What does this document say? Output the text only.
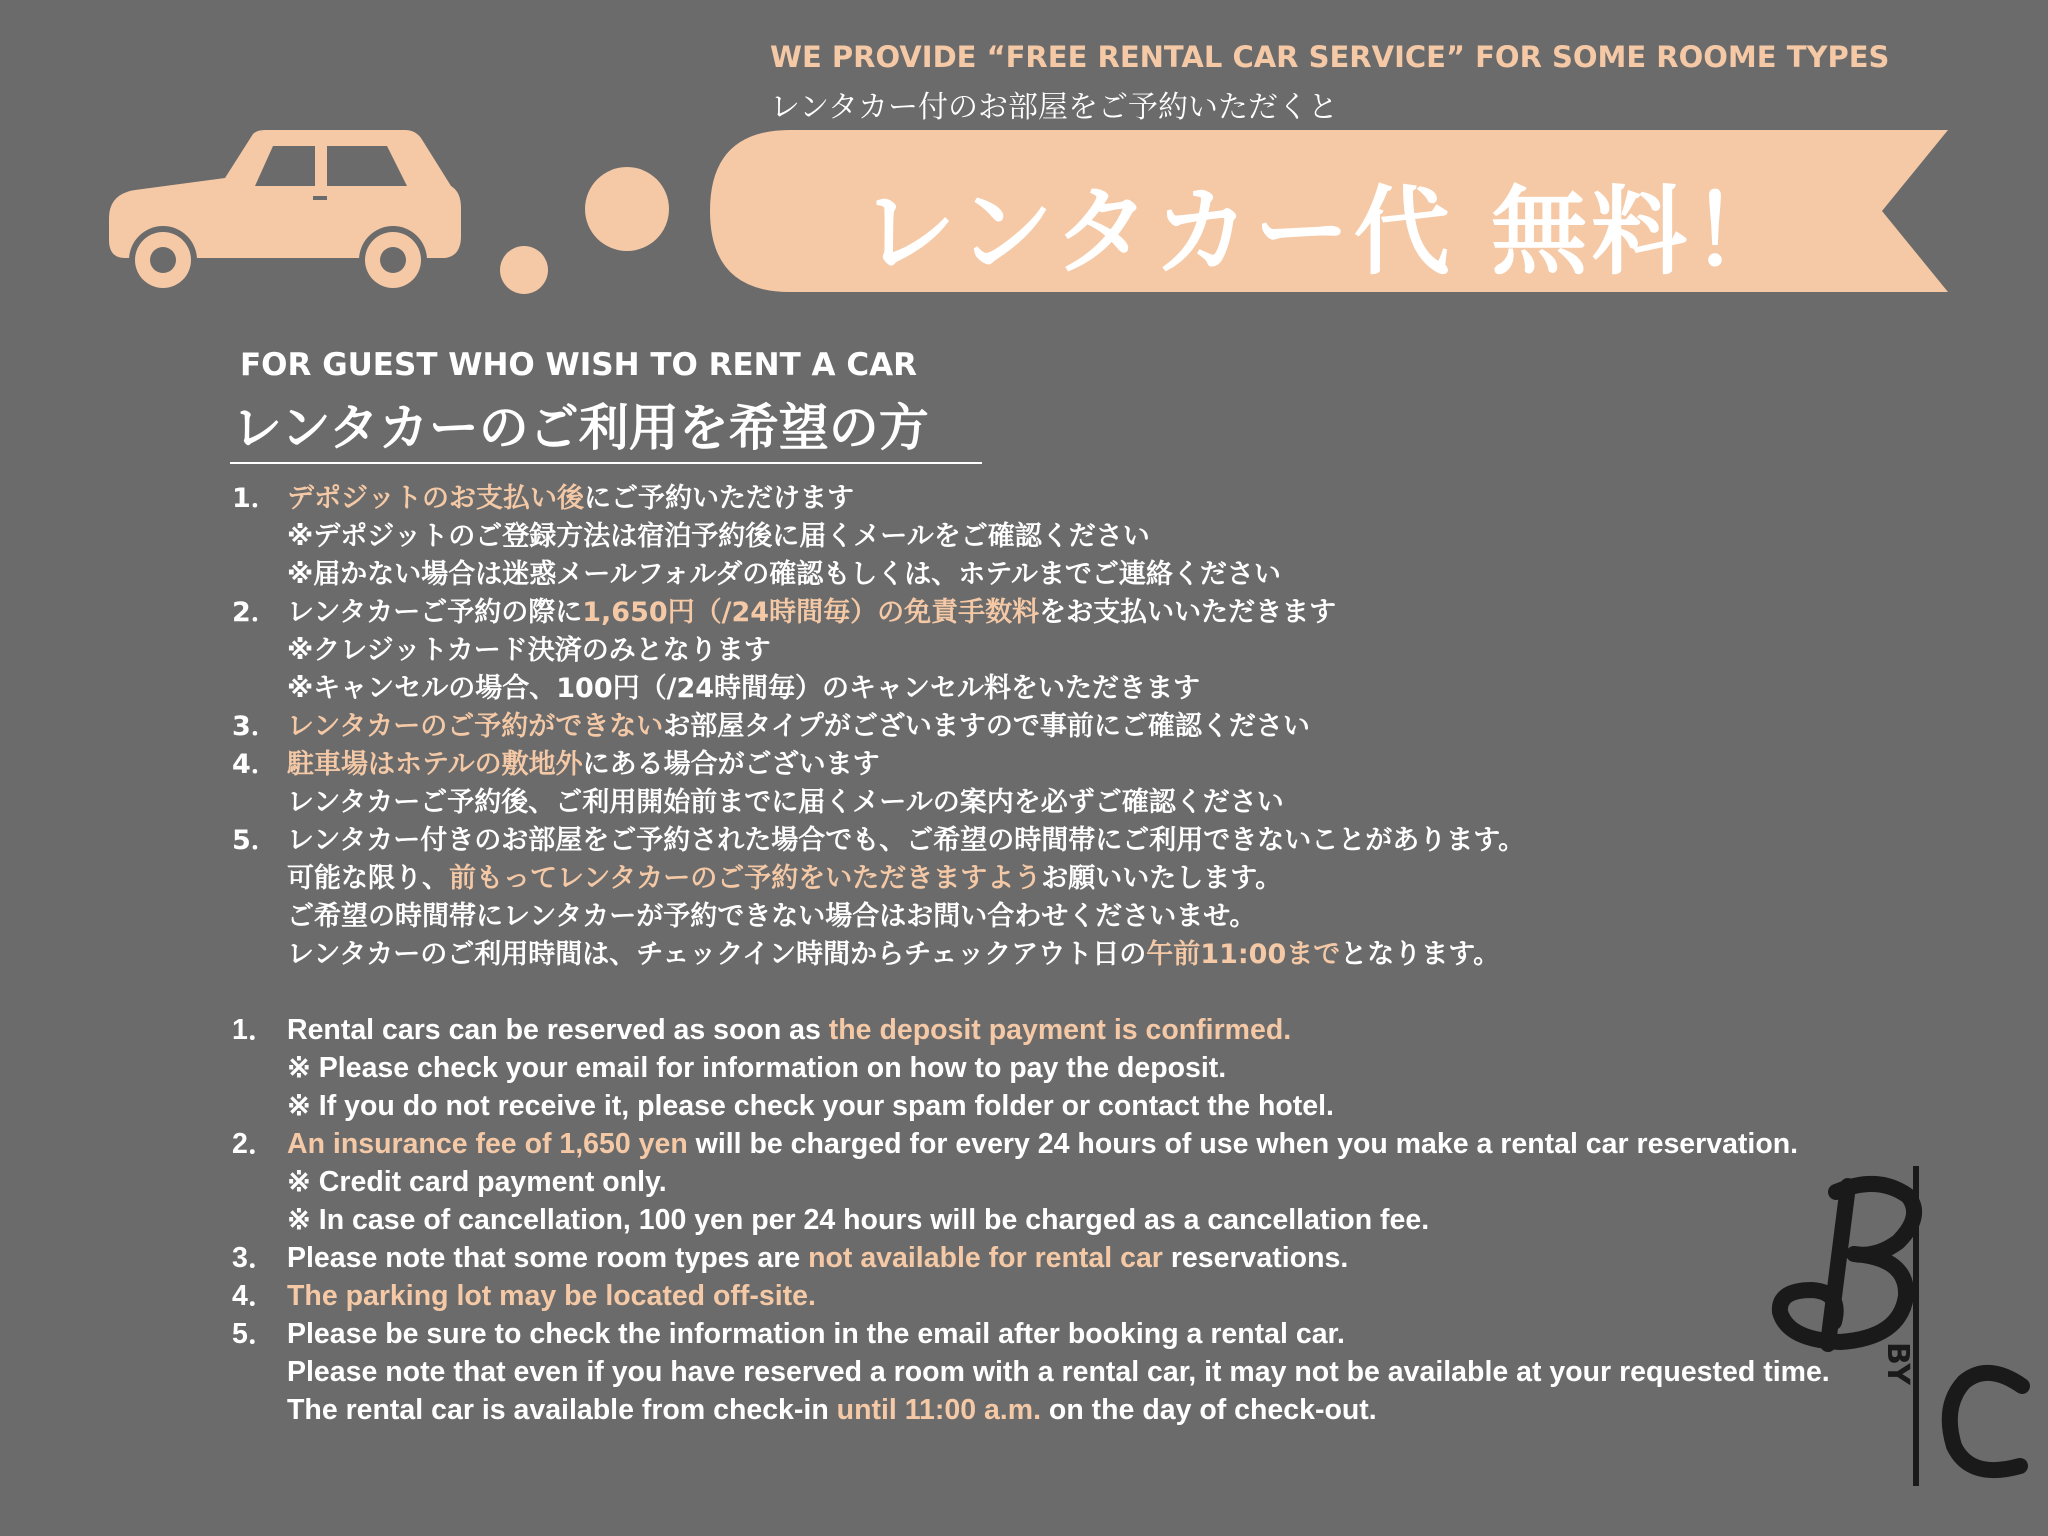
WE PROVIDE “FREE RENTAL CAR SERVICE” FOR SOME ROOME TYPES
レンタカー付のお部屋をご予約いただくと
レンタカー代 無料！
FOR GUEST WHO WISH TO RENT A CAR
レンタカーのご利用を希望の方
1． デポジットのお支払い後にご予約いただけます
※デポジットのご登録方法は宿泊予約後に届くメールをご確認ください
※届かない場合は迷惑メールフォルダの確認もしくは、ホテルまでご連絡ください
2． レンタカーご予約の際に1,650円（/24時間毎）の免責手数料をお支払いいただきます
※クレジットカード決済のみとなります
※キャンセルの場合、100円（/24時間毎）のキャンセル料をいただきます
3． レンタカーのご予約ができないお部屋タイプがございますので事前にご確認ください
4． 駐車場はホテルの敷地外にある場合がございます
レンタカーご予約後、ご利用開始前までに届くメールの案内を必ずご確認ください
5． レンタカー付きのお部屋をご予約された場合でも、ご希望の時間帯にご利用できないことがあります。
可能な限り、前もってレンタカーのご予約をいただきますようお願いいたします。
ご希望の時間帯にレンタカーが予約できない場合はお問い合わせくださいませ。
レンタカーのご利用時間は、チェックイン時間からチェックアウト日の午前11:00までとなります。
1． Rental cars can be reserved as soon as the deposit payment is confirmed.
※ Please check your email for information on how to pay the deposit.
※ If you do not receive it, please check your spam folder or contact the hotel.
2． An insurance fee of 1,650 yen will be charged for every 24 hours of use when you make a rental car reservation.
※ Credit card payment only.
※ In case of cancellation, 100 yen per 24 hours will be charged as a cancellation fee.
3． Please note that some room types are not available for rental car reservations.
4． The parking lot may be located off-site.
5． Please be sure to check the information in the email after booking a rental car.
Please note that even if you have reserved a room with a rental car, it may not be available at your requested time.
The rental car is available from check-in until 11:00 a.m. on the day of check-out.
BY
